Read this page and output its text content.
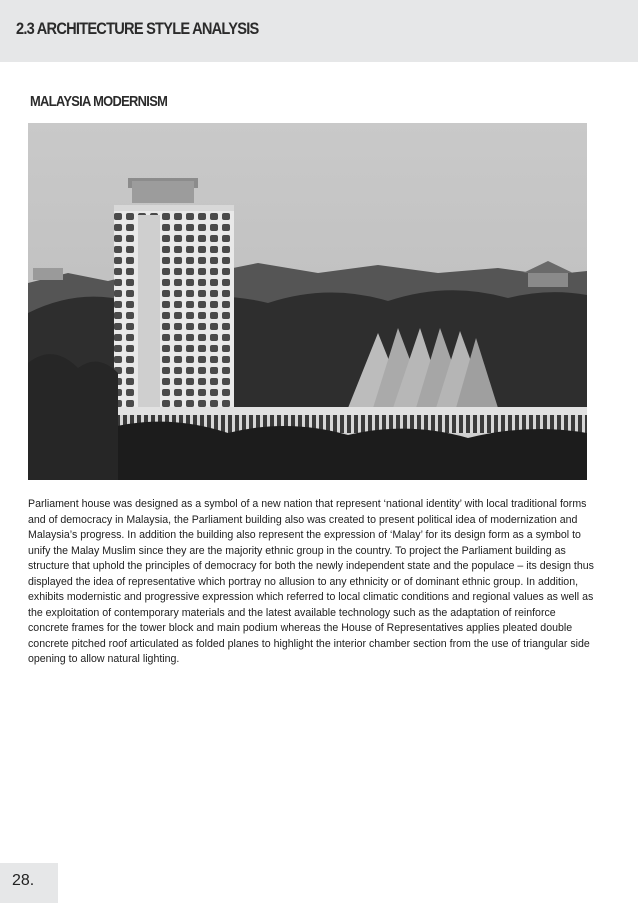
2.3 ARCHITECTURE STYLE ANALYSIS
MALAYSIA MODERNISM

Parliament house was designed as a symbol of a new nation that represent ‘national identity’ with local traditional forms and of democracy in Malaysia, the Parliament building also was created to present political idea of modernization and Malaysia’s progress. In addition the building also represent the expression of ‘Malay’ for its design form as a symbol to unify the Malay Muslim since they are the majority ethnic group in the country. To project the Parliament building as structure that uphold the principles of democracy for both the newly independent state and the populace – its design thus displayed the idea of representative which portray no allusion to any ethnicity or of dominant ethnic group. In addition, exhibits modernistic and progressive expression which referred to local climatic conditions and regional values as well as the exploitation of contemporary materials and the latest available technology such as the adaptation of reinforce concrete frames for the tower block and main podium whereas the House of Representatives applies pleated double concrete pitched roof articulated as folded planes to highlight the interior chamber section from the use of triangular side opening to allow natural lighting.

28.
